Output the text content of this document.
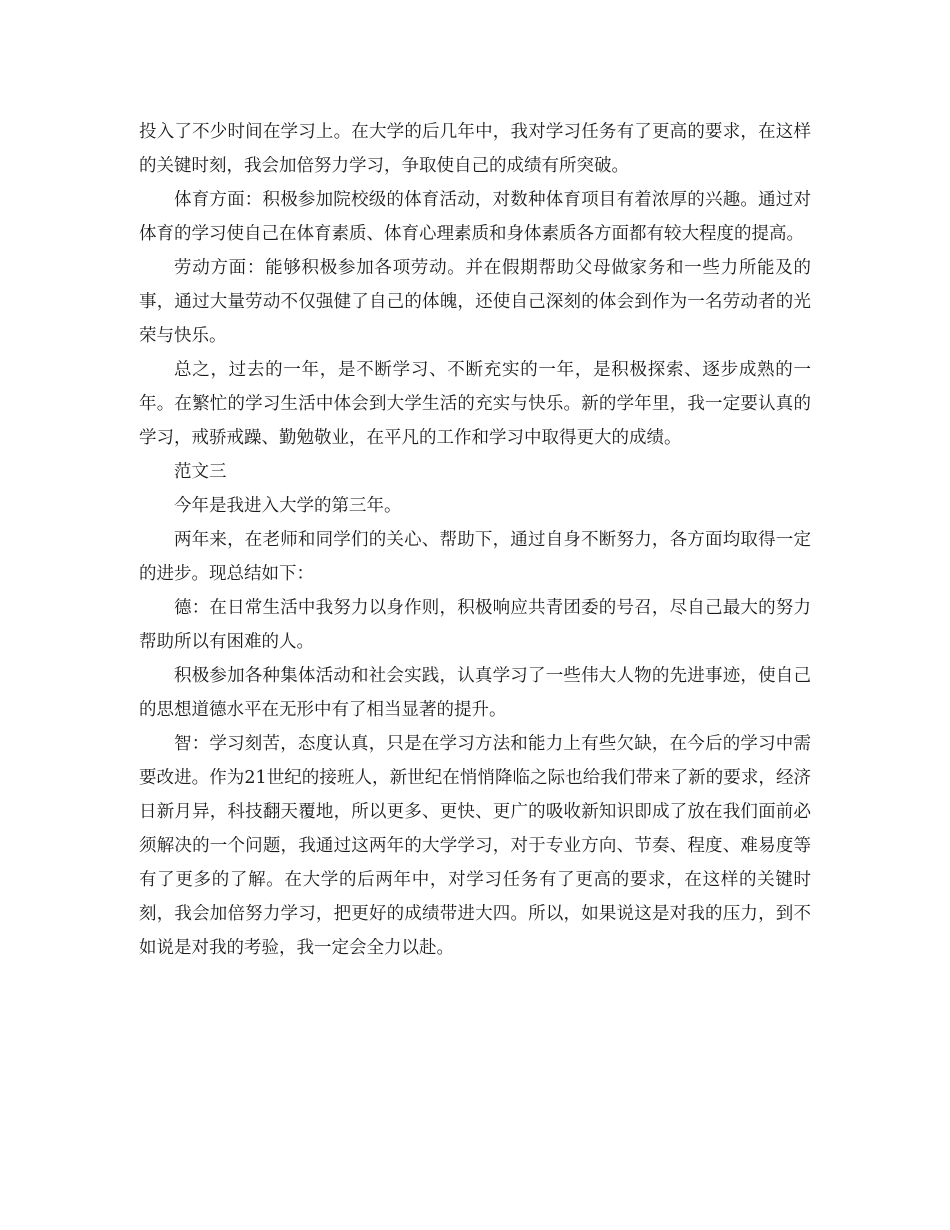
投入了不少时间在学习上。在大学的后几年中，我对学习任务有了更高的要求，在这样的关键时刻，我会加倍努力学习，争取使自己的成绩有所突破。

体育方面：积极参加院校级的体育活动，对数种体育项目有着浓厚的兴趣。通过对体育的学习使自己在体育素质、体育心理素质和身体素质各方面都有较大程度的提高。

劳动方面：能够积极参加各项劳动。并在假期帮助父母做家务和一些力所能及的事，通过大量劳动不仅强健了自己的体魄，还使自己深刻的体会到作为一名劳动者的光荣与快乐。

总之，过去的一年，是不断学习、不断充实的一年，是积极探索、逐步成熟的一年。在繁忙的学习生活中体会到大学生活的充实与快乐。新的学年里，我一定要认真的学习，戒骄戒躁、勤勉敬业，在平凡的工作和学习中取得更大的成绩。

范文三

今年是我进入大学的第三年。

两年来，在老师和同学们的关心、帮助下，通过自身不断努力，各方面均取得一定的进步。现总结如下：

德：在日常生活中我努力以身作则，积极响应共青团委的号召，尽自己最大的努力帮助所以有困难的人。

积极参加各种集体活动和社会实践，认真学习了一些伟大人物的先进事迹，使自己的思想道德水平在无形中有了相当显著的提升。

智：学习刻苦，态度认真，只是在学习方法和能力上有些欠缺，在今后的学习中需要改进。作为21世纪的接班人，新世纪在悄悄降临之际也给我们带来了新的要求，经济日新月异，科技翻天覆地，所以更多、更快、更广的吸收新知识即成了放在我们面前必须解决的一个问题，我通过这两年的大学学习，对于专业方向、节奏、程度、难易度等有了更多的了解。在大学的后两年中，对学习任务有了更高的要求，在这样的关键时刻，我会加倍努力学习，把更好的成绩带进大四。所以，如果说这是对我的压力，到不如说是对我的考验，我一定会全力以赴。
